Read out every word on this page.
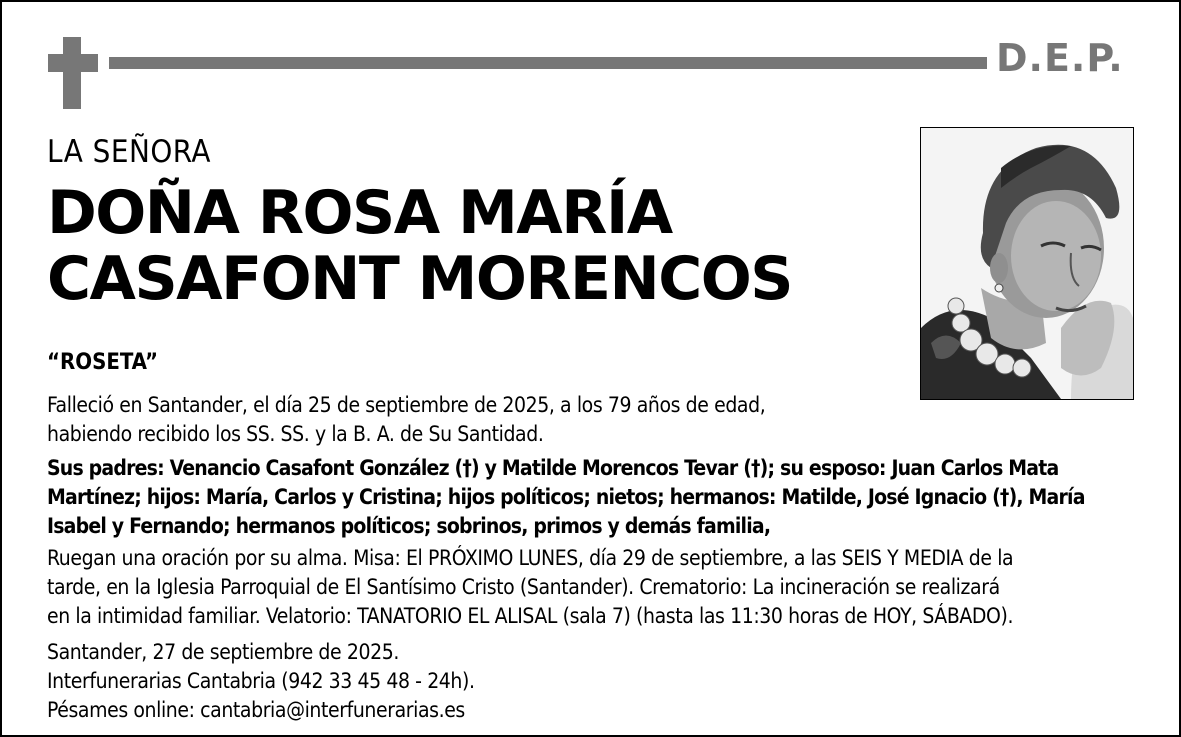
D.E.P.
LA SEÑORA
DOÑA ROSA MARÍA
CASAFONT MORENCOS
“ROSETA”
Falleció en Santander, el día 25 de septiembre de 2025, a los 79 años de edad,
habiendo recibido los SS. SS. y la B. A. de Su Santidad.
Sus padres: Venancio Casafont González (†) y Matilde Morencos Tevar (†); su esposo: Juan Carlos Mata
Martínez; hijos: María, Carlos y Cristina; hijos políticos; nietos; hermanos: Matilde, José Ignacio (†), María
Isabel y Fernando; hermanos políticos; sobrinos, primos y demás familia,
Ruegan una oración por su alma. Misa: El PRÓXIMO LUNES, día 29 de septiembre, a las SEIS Y MEDIA de la
tarde, en la Iglesia Parroquial de El Santísimo Cristo (Santander). Crematorio: La incineración se realizará
en la intimidad familiar. Velatorio: TANATORIO EL ALISAL (sala 7) (hasta las 11:30 horas de HOY, SÁBADO).
Santander, 27 de septiembre de 2025.
Interfunerarias Cantabria (942 33 45 48 - 24h).
Pésames online: cantabria@interfunerarias.es
